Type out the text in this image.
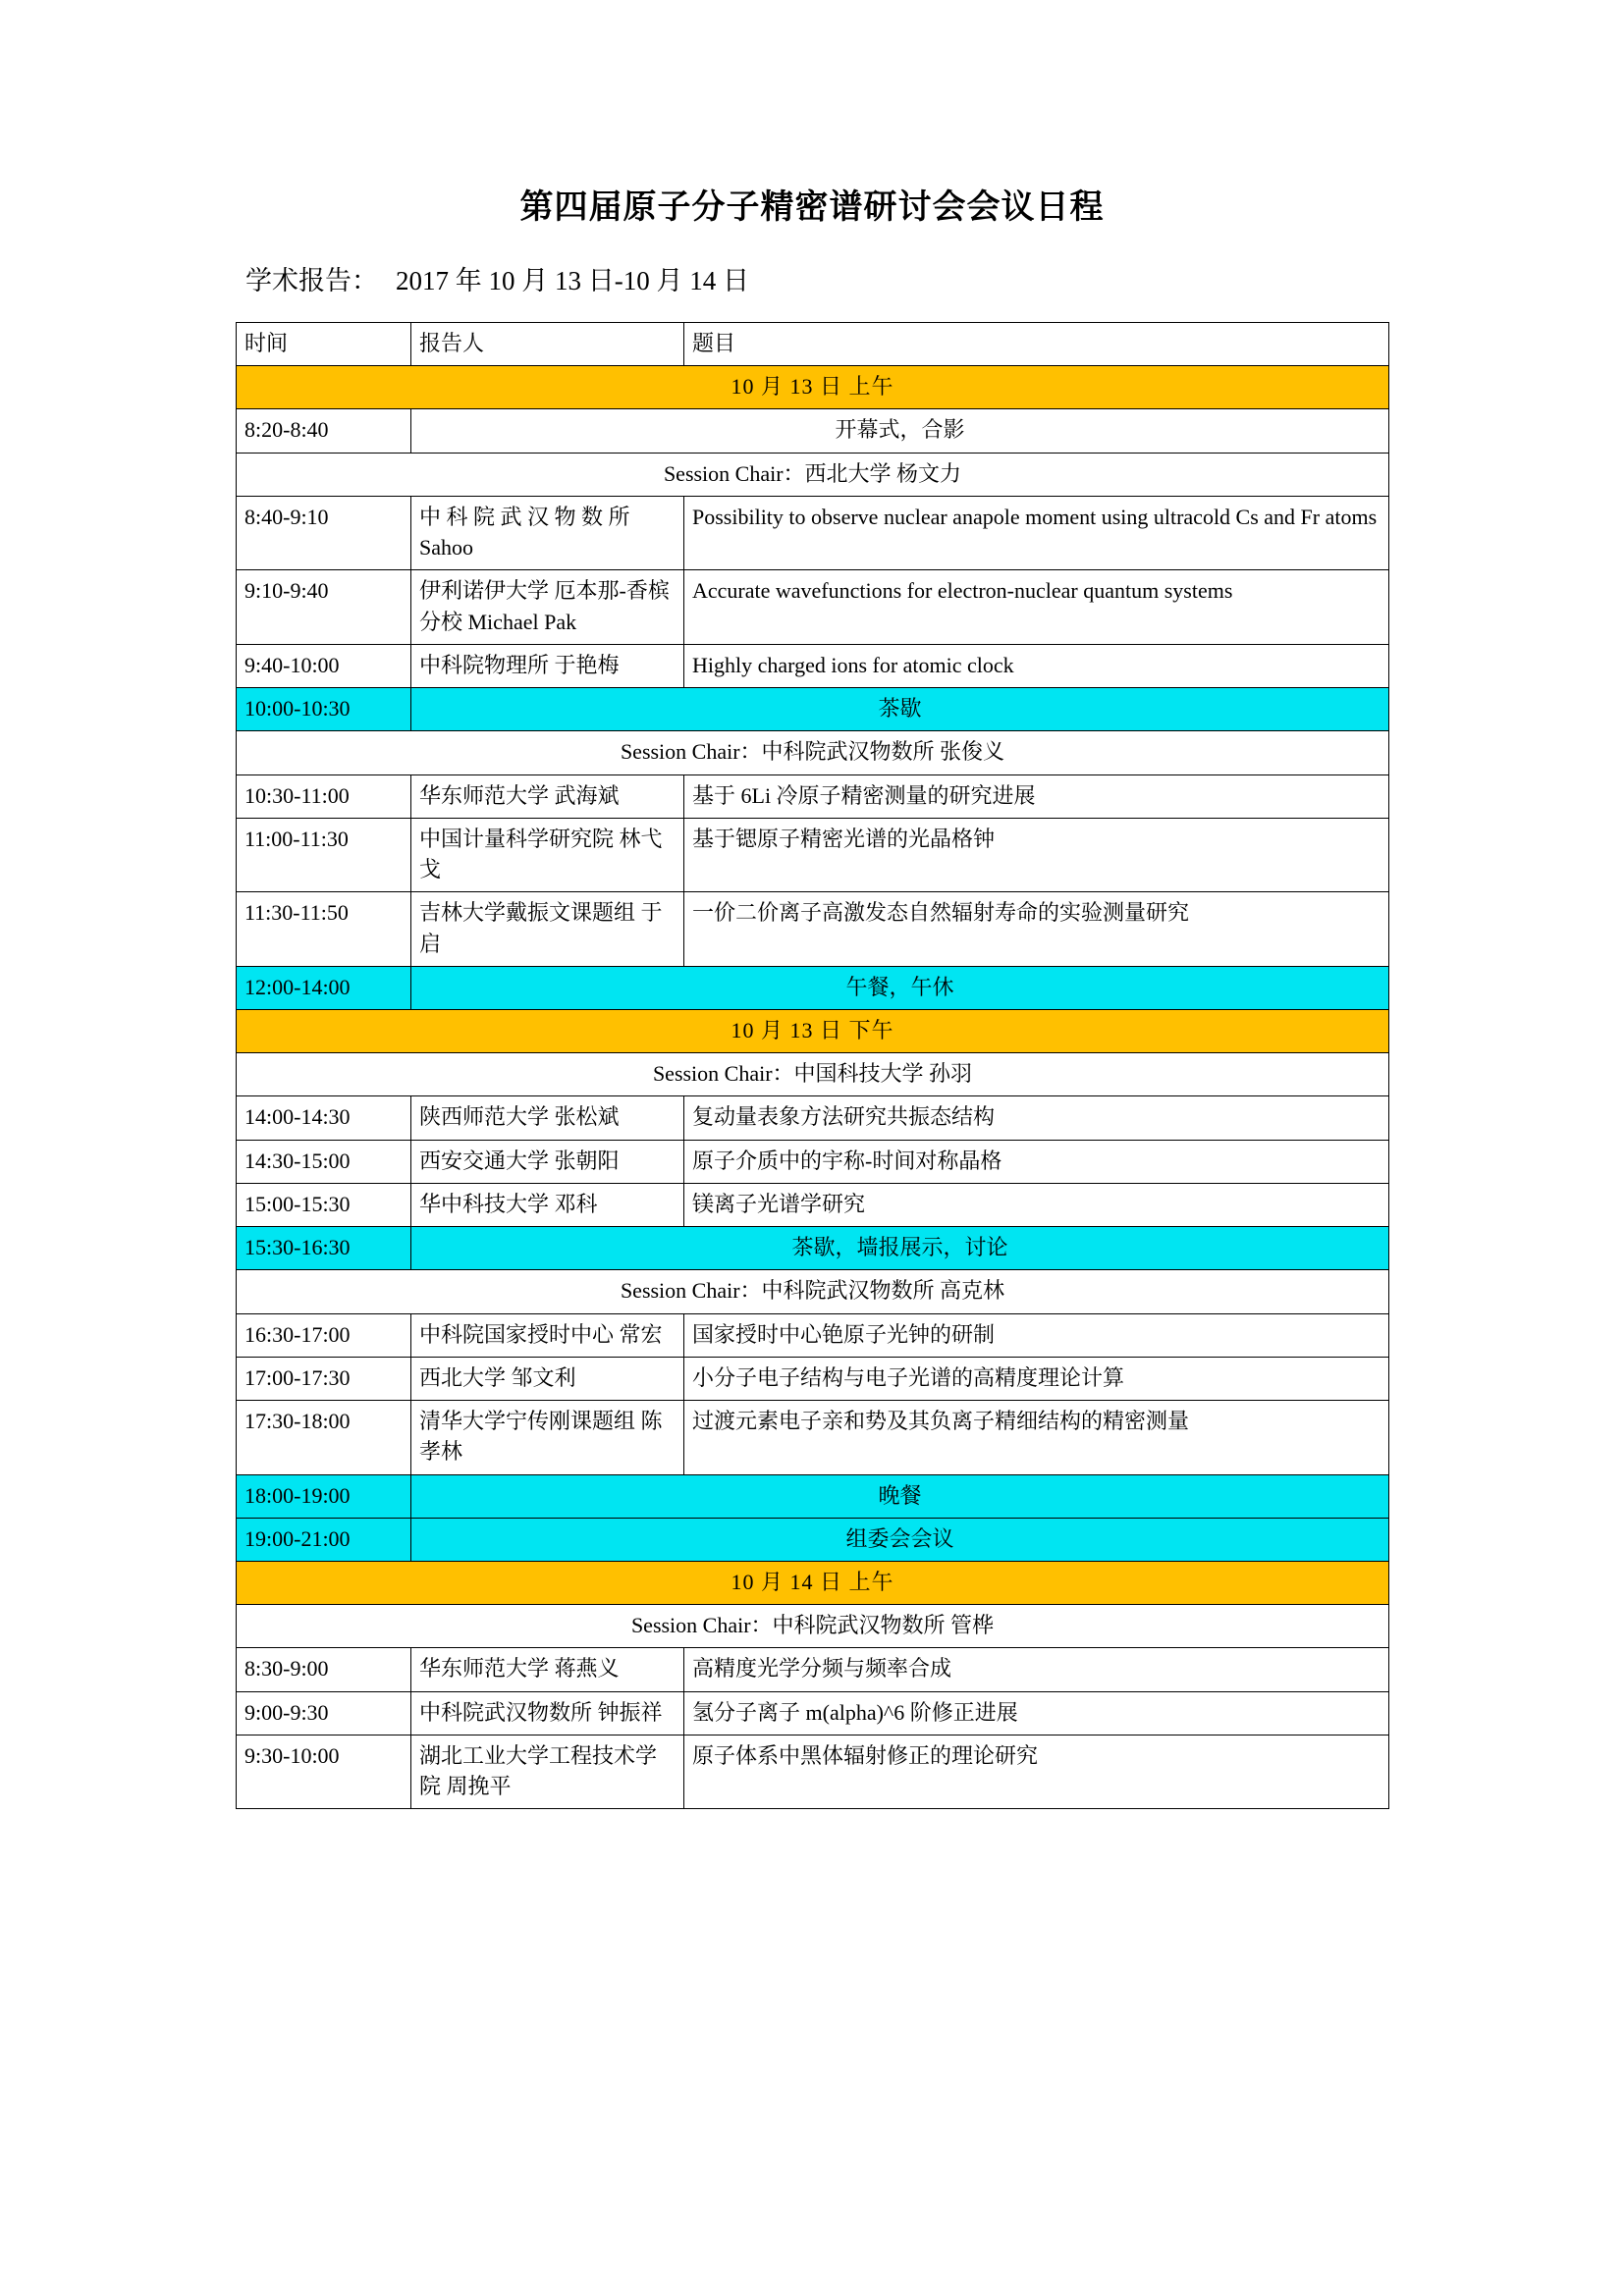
第四届原子分子精密谱研讨会会议日程
学术报告： 2017 年 10 月 13 日-10 月 14 日
时间	报告人	题目
10 月 13 日 上午		
8:20-8:40	开幕式，合影	
Session Chair：西北大学 杨文力		
8:40-9:10	中 科 院 武 汉 物 数 所 Sahoo	Possibility to observe nuclear anapole moment using ultracold Cs and Fr atoms
9:10-9:40	伊利诺伊大学 厄本那-香槟分校 Michael Pak	Accurate wavefunctions for electron-nuclear quantum systems
9:40-10:00	中科院物理所 于艳梅	Highly charged ions for atomic clock
10:00-10:30	茶歇	
Session Chair：中科院武汉物数所 张俊义		
10:30-11:00	华东师范大学 武海斌	基于 6Li 冷原子精密测量的研究进展
11:00-11:30	中国计量科学研究院 林弋戈	基于锶原子精密光谱的光晶格钟
11:30-11:50	吉林大学戴振文课题组 于启	一价二价离子高激发态自然辐射寿命的实验测量研究
12:00-14:00	午餐，午休	
10 月 13 日 下午		
Session Chair：中国科技大学 孙羽		
14:00-14:30	陕西师范大学 张松斌	复动量表象方法研究共振态结构
14:30-15:00	西安交通大学 张朝阳	原子介质中的宇称-时间对称晶格
15:00-15:30	华中科技大学 邓科	镁离子光谱学研究
15:30-16:30	茶歇，墙报展示，讨论	
Session Chair：中科院武汉物数所 高克林		
16:30-17:00	中科院国家授时中心 常宏	国家授时中心铯原子光钟的研制
17:00-17:30	西北大学 邹文利	小分子电子结构与电子光谱的高精度理论计算
17:30-18:00	清华大学宁传刚课题组 陈孝林	过渡元素电子亲和势及其负离子精细结构的精密测量
18:00-19:00	晚餐	
19:00-21:00	组委会会议	
10 月 14 日 上午		
Session Chair：中科院武汉物数所 管桦		
8:30-9:00	华东师范大学 蒋燕义	高精度光学分频与频率合成
9:00-9:30	中科院武汉物数所 钟振祥	氢分子离子 m(alpha)^6 阶修正进展
9:30-10:00	湖北工业大学工程技术学院 周挽平	原子体系中黑体辐射修正的理论研究
